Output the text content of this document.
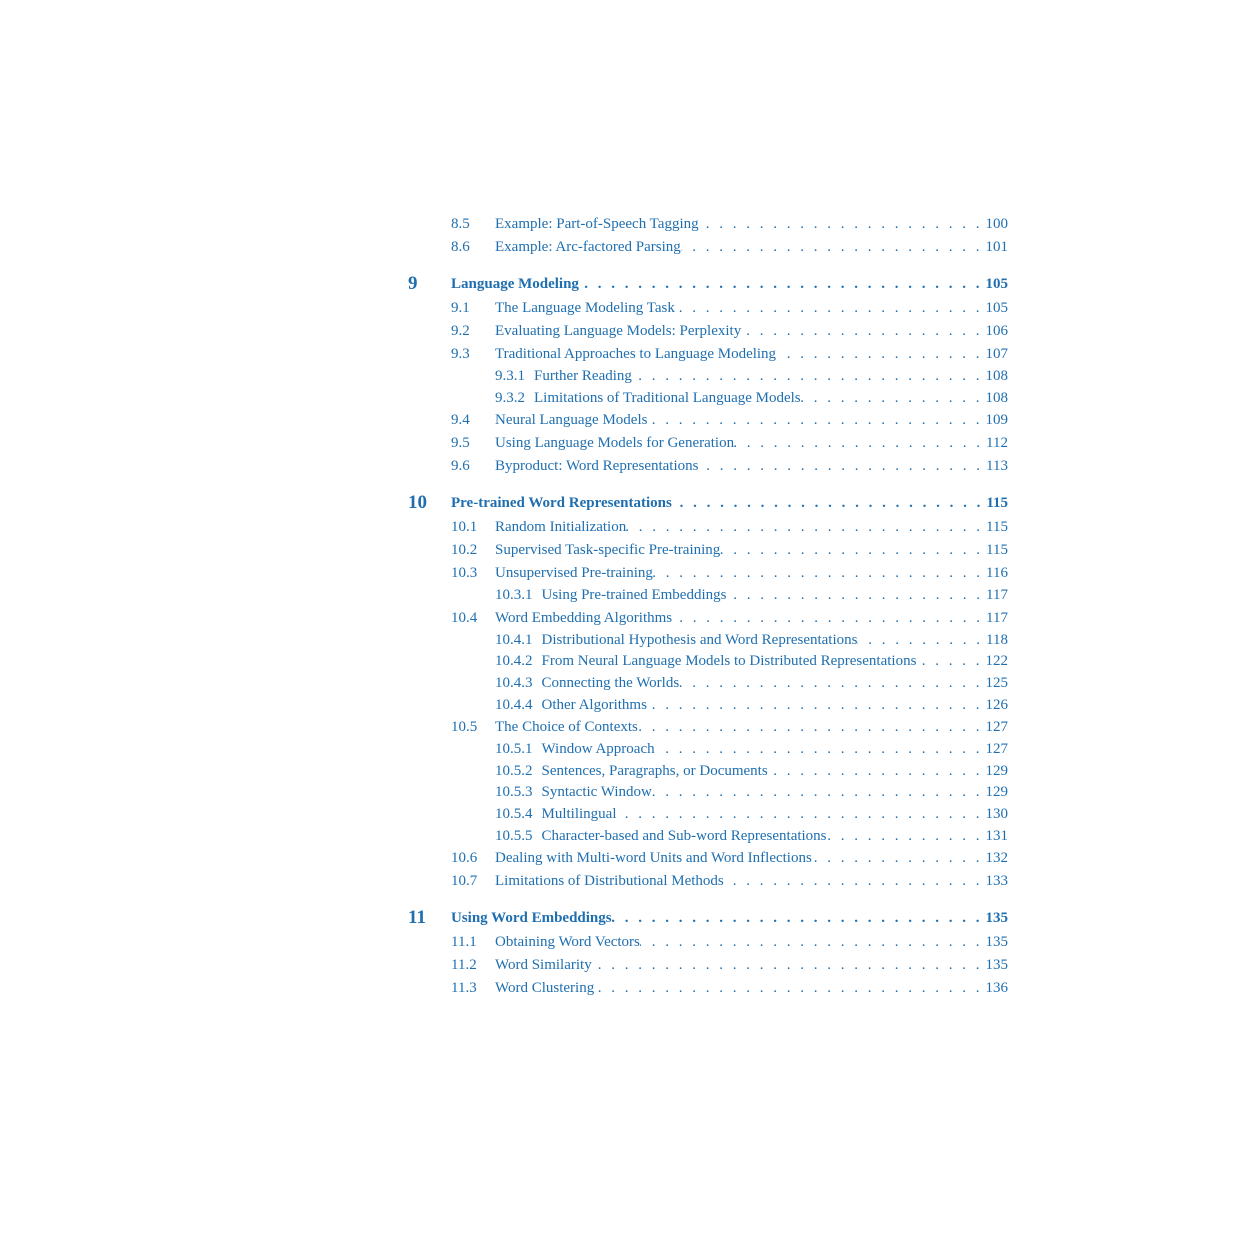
8.5 Example: Part-of-Speech Tagging . . .	100
8.6 Example: Arc-factored Parsing . . .	101
9 Language Modeling . . .	105
9.1 The Language Modeling Task . . .	105
9.2 Evaluating Language Models: Perplexity . . .	106
9.3 Traditional Approaches to Language Modeling . . .	107
9.3.1 Further Reading . . .	108
9.3.2 Limitations of Traditional Language Models . . .	108
9.4 Neural Language Models . . .	109
9.5 Using Language Models for Generation . . .	112
9.6 Byproduct: Word Representations . . .	113
10 Pre-trained Word Representations . . .	115
10.1 Random Initialization . . .	115
10.2 Supervised Task-specific Pre-training . . .	115
10.3 Unsupervised Pre-training . . .	116
10.3.1 Using Pre-trained Embeddings . . .	117
10.4 Word Embedding Algorithms . . .	117
10.4.1 Distributional Hypothesis and Word Representations . . .	118
10.4.2 From Neural Language Models to Distributed Representations . . .	122
10.4.3 Connecting the Worlds . . .	125
10.4.4 Other Algorithms . . .	126
10.5 The Choice of Contexts . . .	127
10.5.1 Window Approach . . .	127
10.5.2 Sentences, Paragraphs, or Documents . . .	129
10.5.3 Syntactic Window . . .	129
10.5.4 Multilingual . . .	130
10.5.5 Character-based and Sub-word Representations . . .	131
10.6 Dealing with Multi-word Units and Word Inflections . . .	132
10.7 Limitations of Distributional Methods . . .	133
11 Using Word Embeddings . . .	135
11.1 Obtaining Word Vectors . . .	135
11.2 Word Similarity . . .	135
11.3 Word Clustering . . .	136
